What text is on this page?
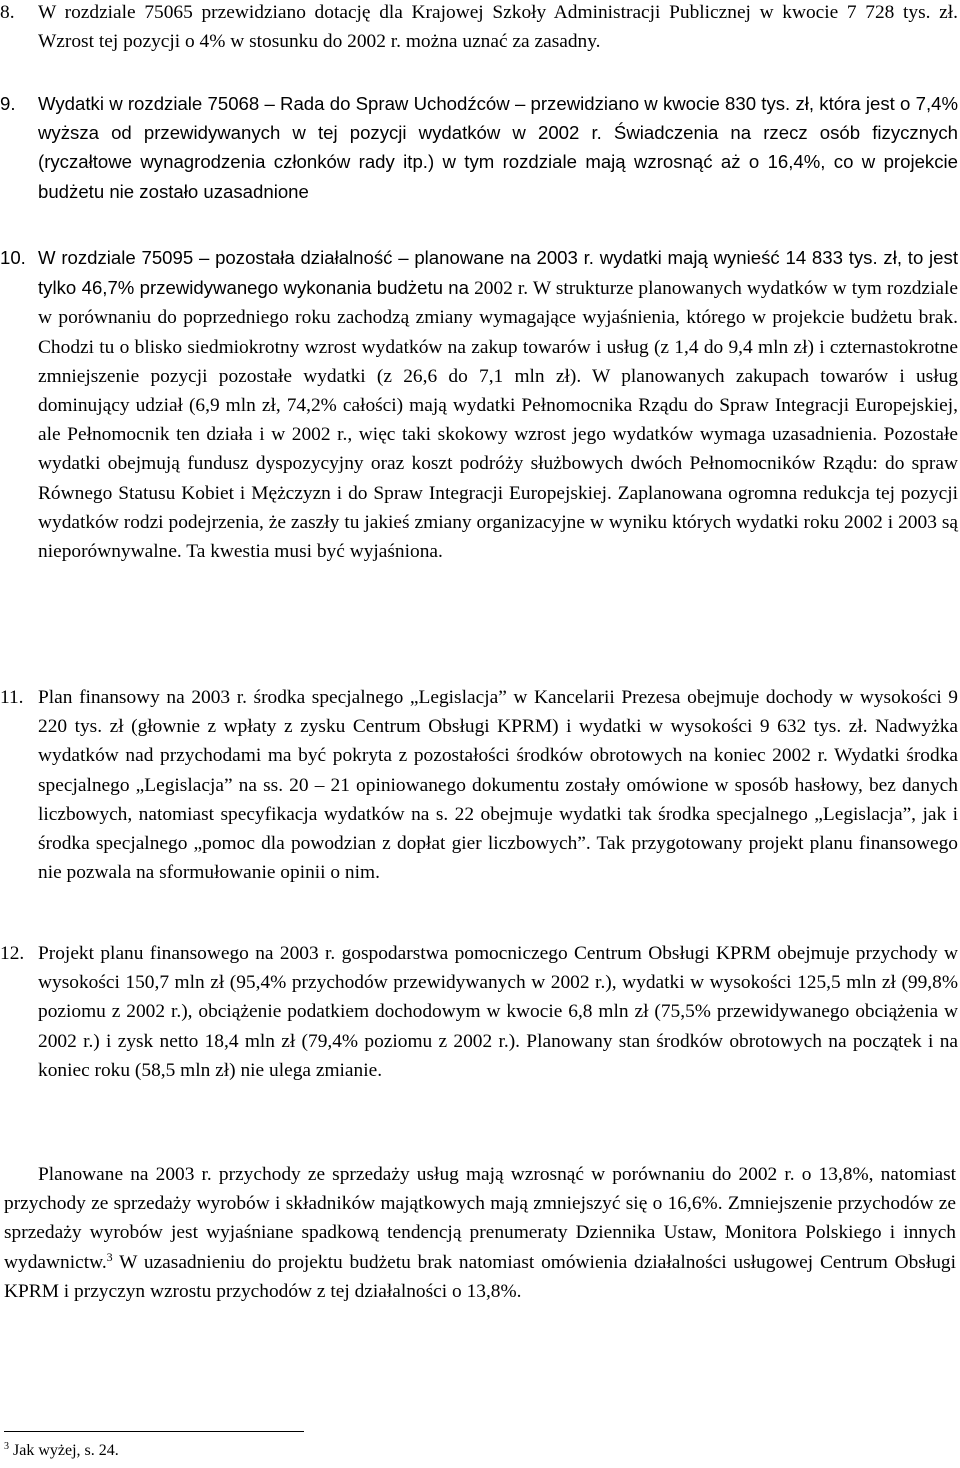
8. W rozdziale 75065 przewidziano dotację dla Krajowej Szkoły Administracji Publicznej w kwocie 7 728 tys. zł. Wzrost tej pozycji o 4% w stosunku do 2002 r. można uznać za zasadny.
9. Wydatki w rozdziale 75068 – Rada do Spraw Uchodźców – przewidziano w kwocie 830 tys. zł, która jest o 7,4% wyższa od przewidywanych w tej pozycji wydatków w 2002 r. Świadczenia na rzecz osób fizycznych (ryczałtowe wynagrodzenia członków rady itp.) w tym rozdziale mają wzrosnąć aż o 16,4%, co w projekcie budżetu nie zostało uzasadnione
10. W rozdziale 75095 – pozostała działalność – planowane na 2003 r. wydatki mają wynieść 14 833 tys. zł, to jest tylko 46,7% przewidywanego wykonania budżetu na 2002 r. W strukturze planowanych wydatków w tym rozdziale w porównaniu do poprzedniego roku zachodzą zmiany wymagające wyjaśnienia, którego w projekcie budżetu brak. Chodzi tu o blisko siedmiokrotny wzrost wydatków na zakup towarów i usług (z 1,4 do 9,4 mln zł) i czternastokrotne zmniejszenie pozycji pozostałe wydatki (z 26,6 do 7,1 mln zł). W planowanych zakupach towarów i usług dominujący udział (6,9 mln zł, 74,2% całości) mają wydatki Pełnomocnika Rządu do Spraw Integracji Europejskiej, ale Pełnomocnik ten działa i w 2002 r., więc taki skokowy wzrost jego wydatków wymaga uzasadnienia. Pozostałe wydatki obejmują fundusz dyspozycyjny oraz koszt podróży służbowych dwóch Pełnomocników Rządu: do spraw Równego Statusu Kobiet i Mężczyzn i do Spraw Integracji Europejskiej. Zaplanowana ogromna redukcja tej pozycji wydatków rodzi podejrzenia, że zaszły tu jakieś zmiany organizacyjne w wyniku których wydatki roku 2002 i 2003 są nieporównywalne. Ta kwestia musi być wyjaśniona.
11. Plan finansowy na 2003 r. środka specjalnego „Legislacja” w Kancelarii Prezesa obejmuje dochody w wysokości 9 220 tys. zł (głownie z wpłaty z zysku Centrum Obsługi KPRM) i wydatki w wysokości 9 632 tys. zł. Nadwyżka wydatków nad przychodami ma być pokryta z pozostałości środków obrotowych na koniec 2002 r. Wydatki środka specjalnego „Legislacja” na ss. 20 – 21 opiniowanego dokumentu zostały omówione w sposób hasłowy, bez danych liczbowych, natomiast specyfikacja wydatków na s. 22 obejmuje wydatki tak środka specjalnego „Legislacja”, jak i środka specjalnego „pomoc dla powodzian z dopłat gier liczbowych”. Tak przygotowany projekt planu finansowego nie pozwala na sformułowanie opinii o nim.
12. Projekt planu finansowego na 2003 r. gospodarstwa pomocniczego Centrum Obsługi KPRM obejmuje przychody w wysokości 150,7 mln zł (95,4% przychodów przewidywanych w 2002 r.), wydatki w wysokości 125,5 mln zł (99,8% poziomu z 2002 r.), obciążenie podatkiem dochodowym w kwocie 6,8 mln zł (75,5% przewidywanego obciążenia w 2002 r.) i zysk netto 18,4 mln zł (79,4% poziomu z 2002 r.). Planowany stan środków obrotowych na początek i na koniec roku (58,5 mln zł) nie ulega zmianie.
Planowane na 2003 r. przychody ze sprzedaży usług mają wzrosnąć w porównaniu do 2002 r. o 13,8%, natomiast przychody ze sprzedaży wyrobów i składników majątkowych mają zmniejszyć się o 16,6%. Zmniejszenie przychodów ze sprzedaży wyrobów jest wyjaśniane spadkową tendencją prenumeraty Dziennika Ustaw, Monitora Polskiego i innych wydawnictw.$^3$ W uzasadnieniu do projektu budżetu brak natomiast omówienia działalności usługowej Centrum Obsługi KPRM i przyczyn wzrostu przychodów z tej działalności o 13,8%.
$^3$ Jak wyżej, s. 24.
